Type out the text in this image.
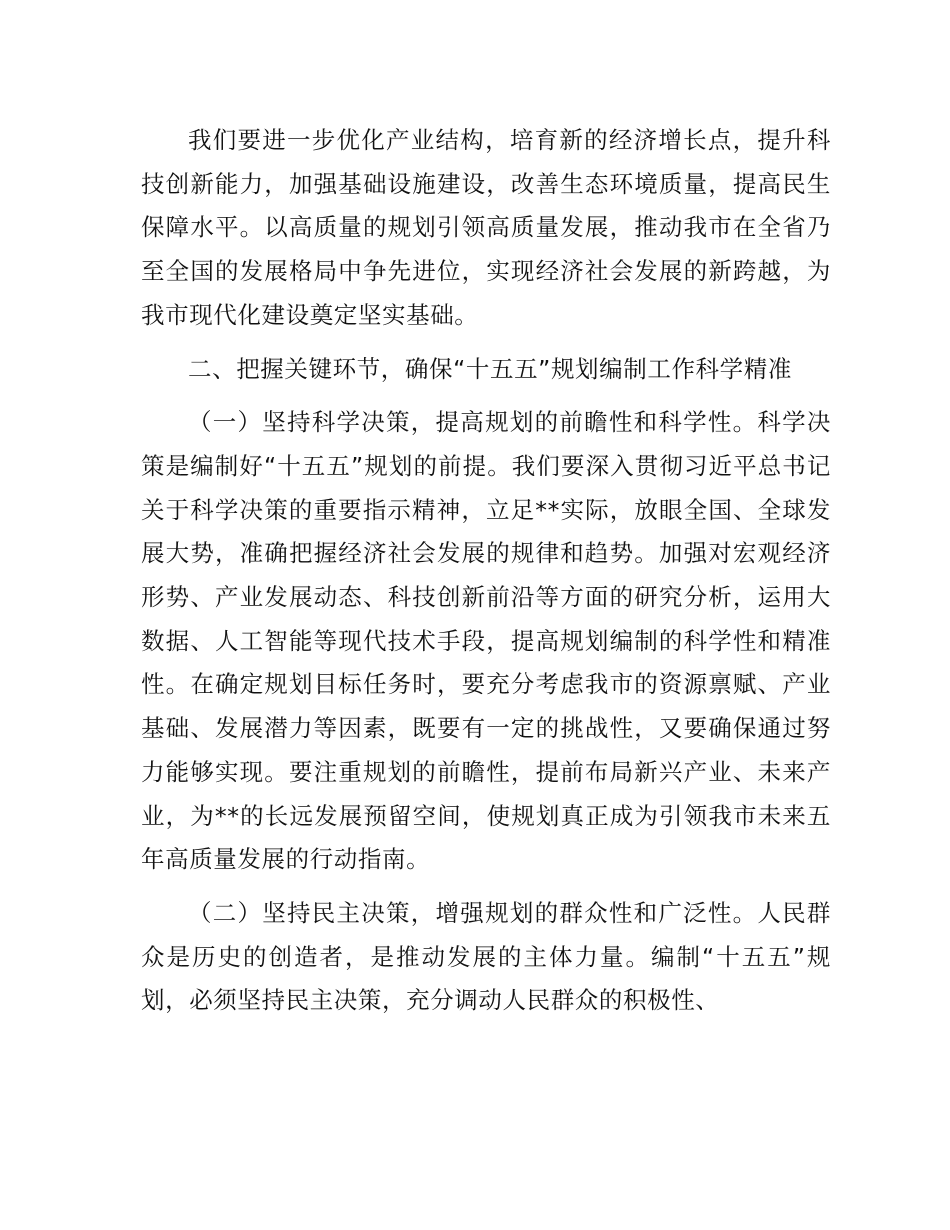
我们要进一步优化产业结构，培育新的经济增长点，提升科技创新能力，加强基础设施建设，改善生态环境质量，提高民生保障水平。以高质量的规划引领高质量发展，推动我市在全省乃至全国的发展格局中争先进位，实现经济社会发展的新跨越，为我市现代化建设奠定坚实基础。

二、把握关键环节，确保“十五五”规划编制工作科学精准

（一）坚持科学决策，提高规划的前瞻性和科学性。科学决策是编制好“十五五”规划的前提。我们要深入贯彻习近平总书记关于科学决策的重要指示精神，立足**实际，放眼全国、全球发展大势，准确把握经济社会发展的规律和趋势。加强对宏观经济形势、产业发展动态、科技创新前沿等方面的研究分析，运用大数据、人工智能等现代技术手段，提高规划编制的科学性和精准性。在确定规划目标任务时，要充分考虑我市的资源禀赋、产业基础、发展潜力等因素，既要有一定的挑战性，又要确保通过努力能够实现。要注重规划的前瞻性，提前布局新兴产业、未来产业，为**的长远发展预留空间，使规划真正成为引领我市未来五年高质量发展的行动指南。

（二）坚持民主决策，增强规划的群众性和广泛性。人民群众是历史的创造者，是推动发展的主体力量。编制“十五五”规划，必须坚持民主决策，充分调动人民群众的积极性、
